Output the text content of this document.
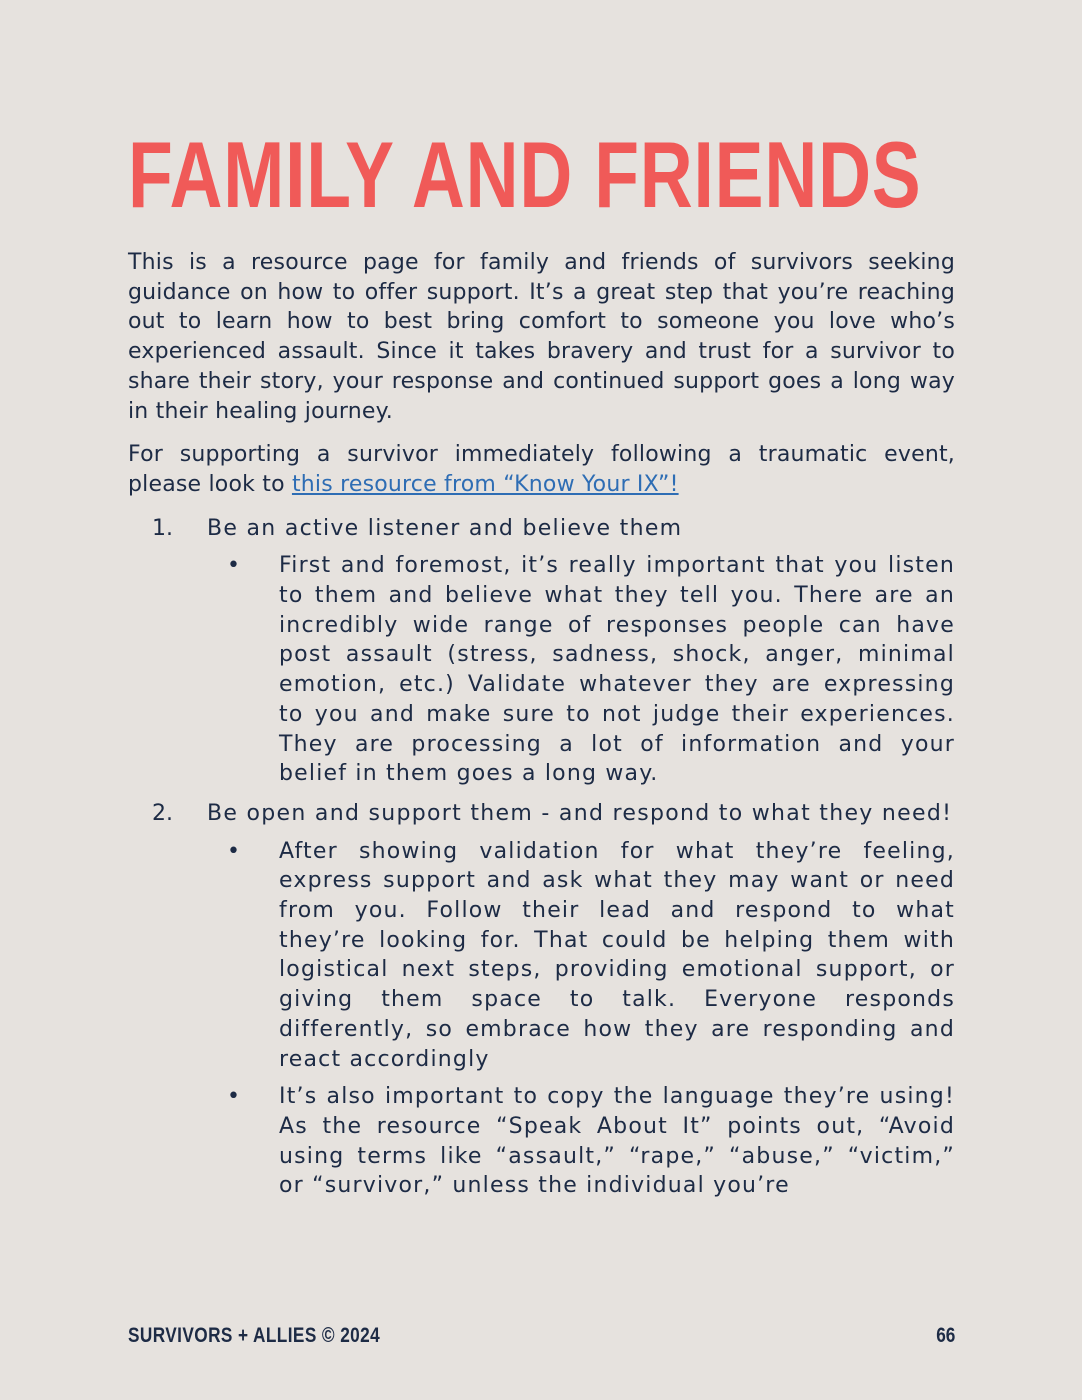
FAMILY AND FRIENDS

This is a resource page for family and friends of survivors seeking guidance on how to offer support. It’s a great step that you’re reaching out to learn how to best bring comfort to someone you love who’s experienced assault. Since it takes bravery and trust for a survivor to share their story, your response and continued support goes a long way in their healing journey.

For supporting a survivor immediately following a traumatic event, please look to this resource from “Know Your IX”!

1. Be an active listener and believe them
• First and foremost, it’s really important that you listen to them and believe what they tell you. There are an incredibly wide range of responses people can have post assault (stress, sadness, shock, anger, minimal emotion, etc.) Validate whatever they are expressing to you and make sure to not judge their experiences. They are processing a lot of information and your belief in them goes a long way.
2. Be open and support them - and respond to what they need!
• After showing validation for what they’re feeling, express support and ask what they may want or need from you. Follow their lead and respond to what they’re looking for. That could be helping them with logistical next steps, providing emotional support, or giving them space to talk. Everyone responds differently, so embrace how they are responding and react accordingly
• It’s also important to copy the language they’re using! As the resource “Speak About It” points out, “Avoid using terms like “assault,” “rape,” “abuse,” “victim,” or “survivor,” unless the individual you’re
SURVIVORS + ALLIES © 2024	66
